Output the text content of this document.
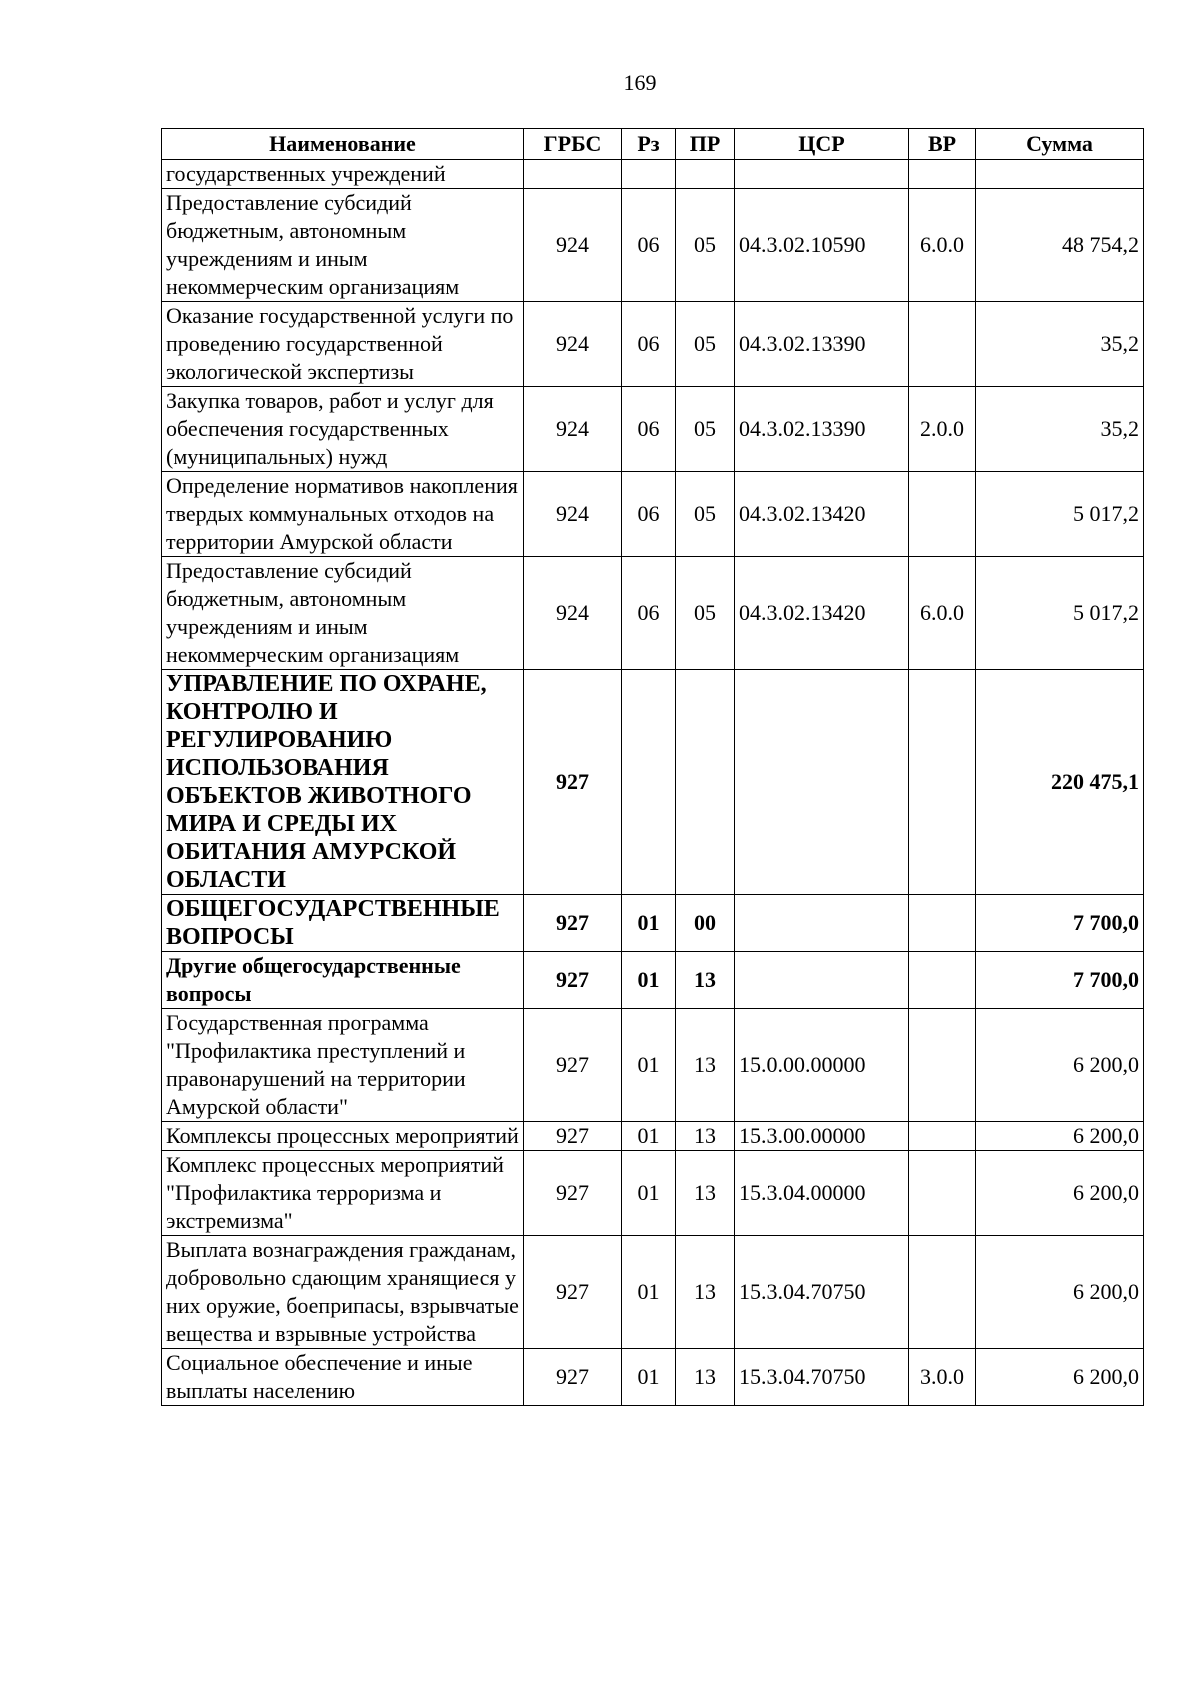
169
Наименование	ГРБС	Рз	ПР	ЦСР	ВР	Сумма
государственных учреждений						
Предоставление субсидий бюджетным, автономным учреждениям и иным некоммерческим организациям	924	06	05	04.3.02.10590	6.0.0	48 754,2
Оказание государственной услуги по проведению государственной экологической экспертизы	924	06	05	04.3.02.13390		35,2
Закупка товаров, работ и услуг для обеспечения государственных (муниципальных) нужд	924	06	05	04.3.02.13390	2.0.0	35,2
Определение нормативов накопления твердых коммунальных отходов на территории Амурской области	924	06	05	04.3.02.13420		5 017,2
Предоставление субсидий бюджетным, автономным учреждениям и иным некоммерческим организациям	924	06	05	04.3.02.13420	6.0.0	5 017,2
УПРАВЛЕНИЕ ПО ОХРАНЕ, КОНТРОЛЮ И РЕГУЛИРОВАНИЮ ИСПОЛЬЗОВАНИЯ ОБЪЕКТОВ ЖИВОТНОГО МИРА И СРЕДЫ ИХ ОБИТАНИЯ АМУРСКОЙ ОБЛАСТИ	927					220 475,1
ОБЩЕГОСУДАРСТВЕННЫЕ ВОПРОСЫ	927	01	00			7 700,0
Другие общегосударственные вопросы	927	01	13			7 700,0
Государственная программа "Профилактика преступлений и правонарушений на территории Амурской области"	927	01	13	15.0.00.00000		6 200,0
Комплексы процессных мероприятий	927	01	13	15.3.00.00000		6 200,0
Комплекс процессных мероприятий "Профилактика терроризма и экстремизма"	927	01	13	15.3.04.00000		6 200,0
Выплата вознаграждения гражданам, добровольно сдающим хранящиеся у них оружие, боеприпасы, взрывчатые вещества и взрывные устройства	927	01	13	15.3.04.70750		6 200,0
Социальное обеспечение и иные выплаты населению	927	01	13	15.3.04.70750	3.0.0	6 200,0
